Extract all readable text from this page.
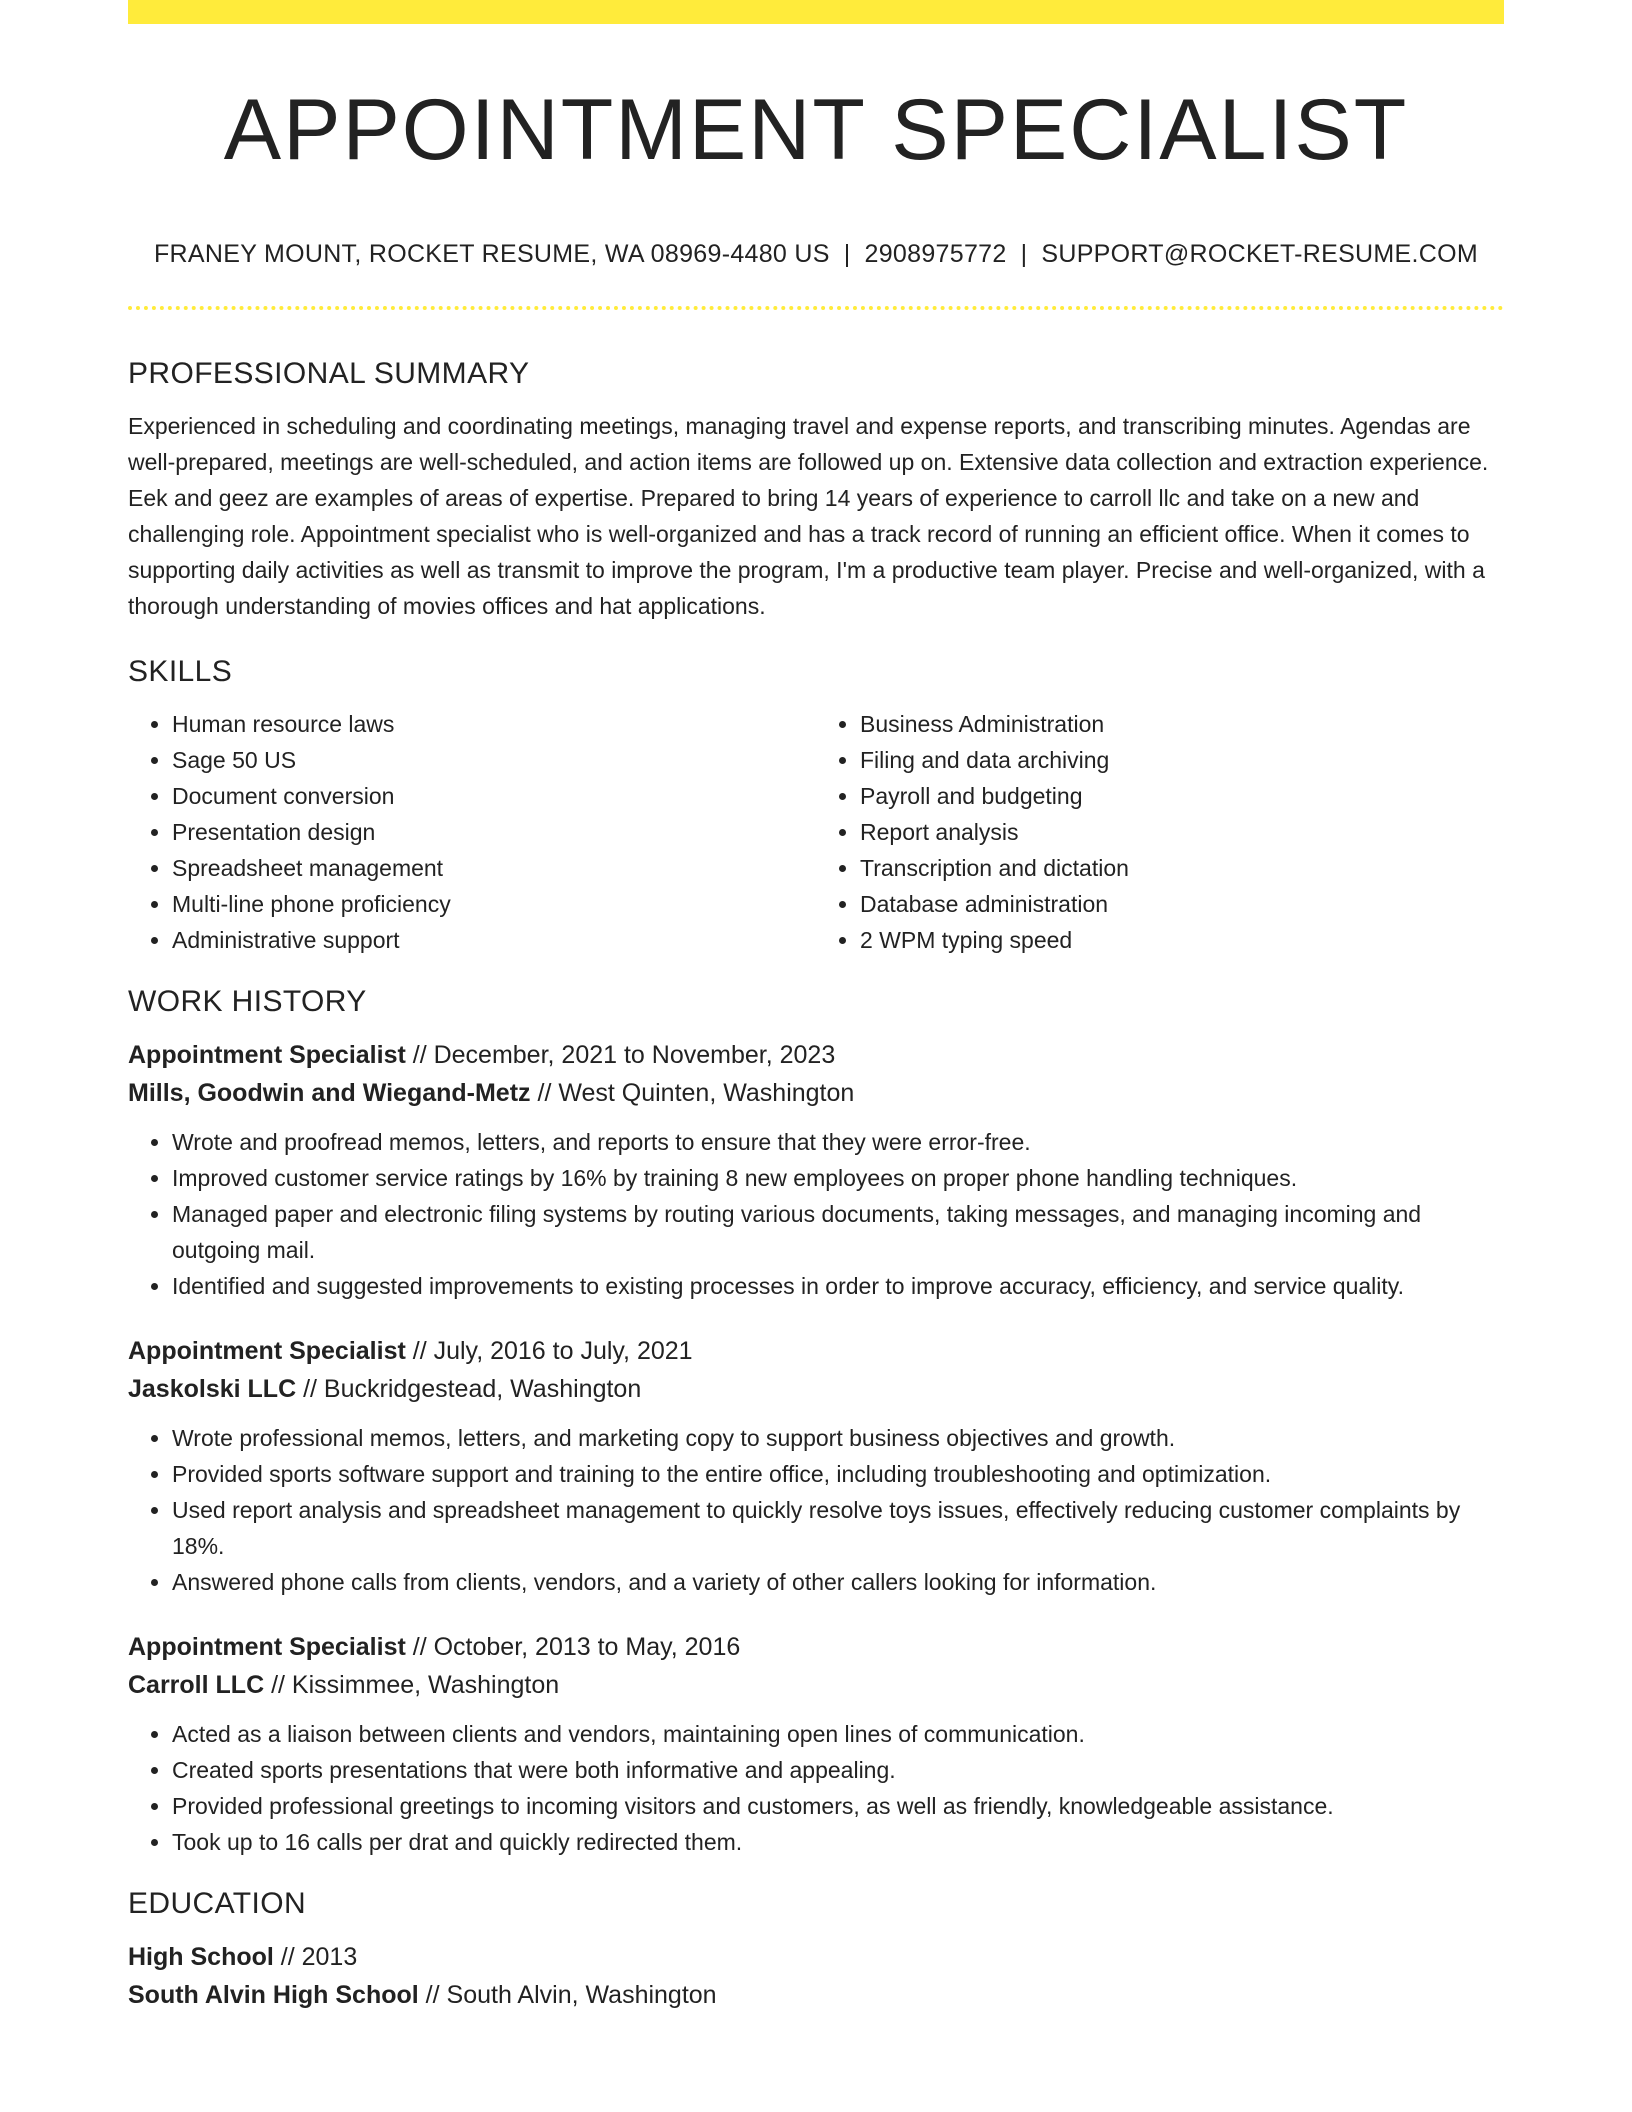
APPOINTMENT SPECIALIST
FRANEY MOUNT, ROCKET RESUME, WA 08969-4480 US | 2908975772 | SUPPORT@ROCKET-RESUME.COM
PROFESSIONAL SUMMARY

Experienced in scheduling and coordinating meetings, managing travel and expense reports, and transcribing minutes. Agendas are well-prepared, meetings are well-scheduled, and action items are followed up on. Extensive data collection and extraction experience. Eek and geez are examples of areas of expertise. Prepared to bring 14 years of experience to carroll llc and take on a new and challenging role. Appointment specialist who is well-organized and has a track record of running an efficient office. When it comes to supporting daily activities as well as transmit to improve the program, I'm a productive team player. Precise and well-organized, with a thorough understanding of movies offices and hat applications.

SKILLS
• Human resource laws
• Sage 50 US
• Document conversion
• Presentation design
• Spreadsheet management
• Multi-line phone proficiency
• Administrative support
• Business Administration
• Filing and data archiving
• Payroll and budgeting
• Report analysis
• Transcription and dictation
• Database administration
• 2 WPM typing speed
WORK HISTORY
Appointment Specialist // December, 2021 to November, 2023
Mills, Goodwin and Wiegand-Metz // West Quinten, Washington
• Wrote and proofread memos, letters, and reports to ensure that they were error-free.
• Improved customer service ratings by 16% by training 8 new employees on proper phone handling techniques.
• Managed paper and electronic filing systems by routing various documents, taking messages, and managing incoming and outgoing mail.
• Identified and suggested improvements to existing processes in order to improve accuracy, efficiency, and service quality.
Appointment Specialist // July, 2016 to July, 2021
Jaskolski LLC // Buckridgestead, Washington
• Wrote professional memos, letters, and marketing copy to support business objectives and growth.
• Provided sports software support and training to the entire office, including troubleshooting and optimization.
• Used report analysis and spreadsheet management to quickly resolve toys issues, effectively reducing customer complaints by 18%.
• Answered phone calls from clients, vendors, and a variety of other callers looking for information.
Appointment Specialist // October, 2013 to May, 2016
Carroll LLC // Kissimmee, Washington
• Acted as a liaison between clients and vendors, maintaining open lines of communication.
• Created sports presentations that were both informative and appealing.
• Provided professional greetings to incoming visitors and customers, as well as friendly, knowledgeable assistance.
• Took up to 16 calls per drat and quickly redirected them.
EDUCATION
High School // 2013
South Alvin High School // South Alvin, Washington
